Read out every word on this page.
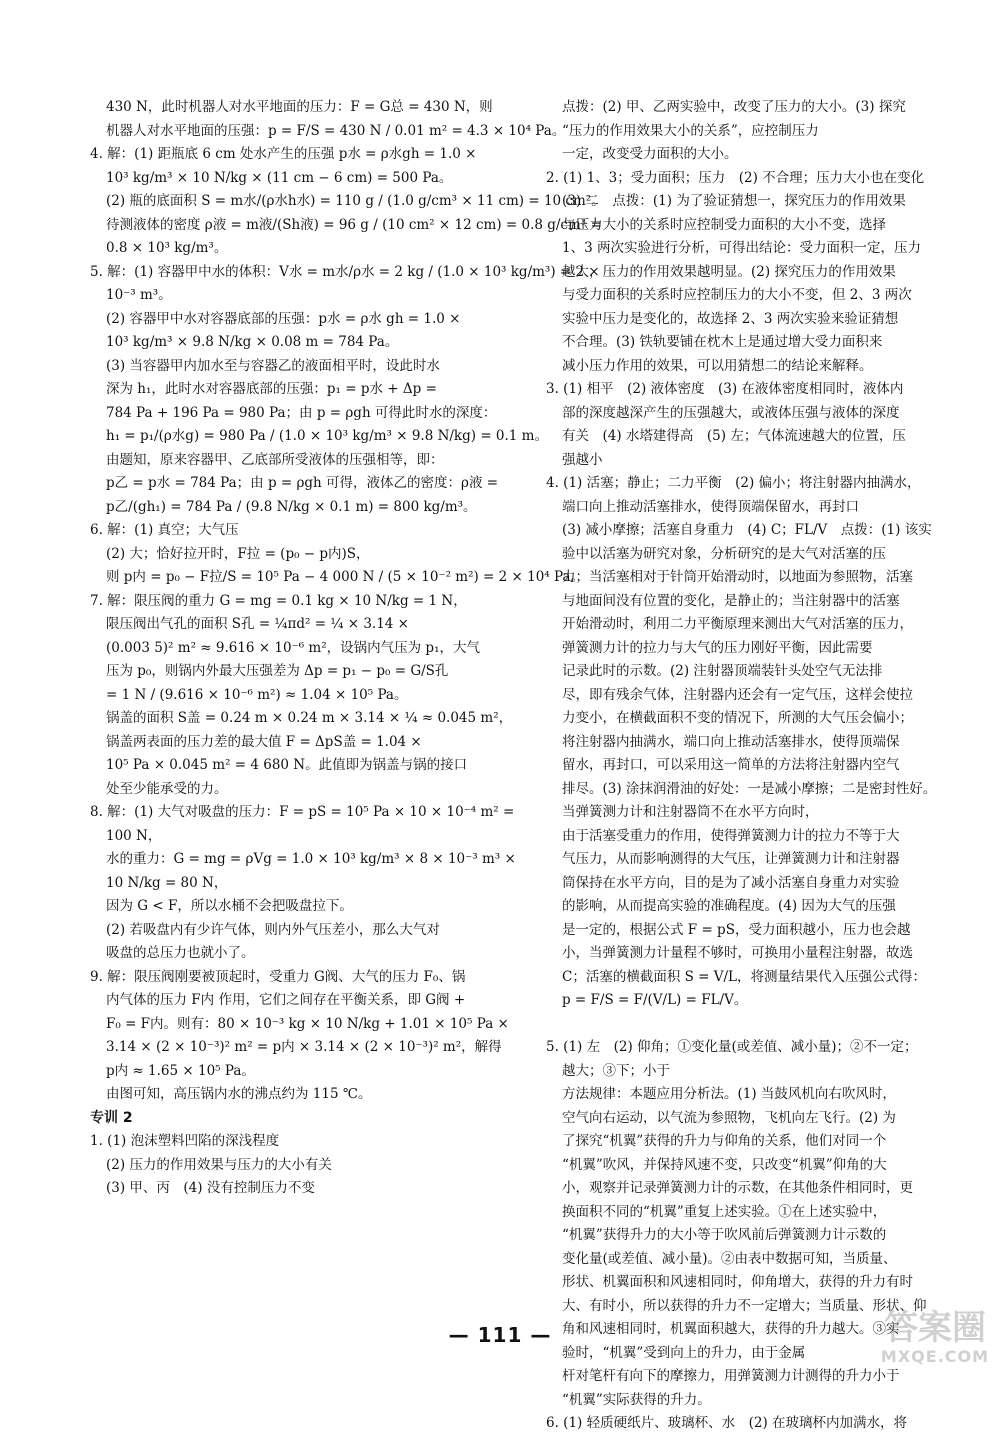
430 N，此时机器人对水平地面的压力：F = G总 = 430 N，则
机器人对水平地面的压强：p = F/S = 430 N / 0.01 m² = 4.3 × 10⁴ Pa。
4. 解：(1) 距瓶底 6 cm 处水产生的压强 p水 = ρ水gh = 1.0 ×
10³ kg/m³ × 10 N/kg × (11 cm − 6 cm) = 500 Pa。
(2) 瓶的底面积 S = m水/(ρ水h水) = 110 g / (1.0 g/cm³ × 11 cm) = 10 cm²。
待测液体的密度 ρ液 = m液/(Sh液) = 96 g / (10 cm² × 12 cm) = 0.8 g/cm³ =
0.8 × 10³ kg/m³。
5. 解：(1) 容器甲中水的体积：V水 = m水/ρ水 = 2 kg / (1.0 × 10³ kg/m³) = 2 ×
10⁻³ m³。
(2) 容器甲中水对容器底部的压强：p水 = ρ水 gh = 1.0 ×
10³ kg/m³ × 9.8 N/kg × 0.08 m = 784 Pa。
(3) 当容器甲内加水至与容器乙的液面相平时，设此时水
深为 h₁，此时水对容器底部的压强：p₁ = p水 + Δp =
784 Pa + 196 Pa = 980 Pa；由 p = ρgh 可得此时水的深度：
h₁ = p₁/(ρ水g) = 980 Pa / (1.0 × 10³ kg/m³ × 9.8 N/kg) = 0.1 m。
由题知，原来容器甲、乙底部所受液体的压强相等，即：
p乙 = p水 = 784 Pa；由 p = ρgh 可得，液体乙的密度：ρ液 =
p乙/(gh₁) = 784 Pa / (9.8 N/kg × 0.1 m) = 800 kg/m³。
6. 解：(1) 真空；大气压
(2) 大；恰好拉开时，F拉 = (p₀ − p内)S，
则 p内 = p₀ − F拉/S = 10⁵ Pa − 4 000 N / (5 × 10⁻² m²) = 2 × 10⁴ Pa。
7. 解：限压阀的重力 G = mg = 0.1 kg × 10 N/kg = 1 N，
限压阀出气孔的面积 S孔 = ¼πd² = ¼ × 3.14 ×
(0.003 5)² m² ≈ 9.616 × 10⁻⁶ m²，设锅内气压为 p₁，大气
压为 p₀，则锅内外最大压强差为 Δp = p₁ − p₀ = G/S孔
= 1 N / (9.616 × 10⁻⁶ m²) ≈ 1.04 × 10⁵ Pa。
锅盖的面积 S盖 = 0.24 m × 0.24 m × 3.14 × ¼ ≈ 0.045 m²，
锅盖两表面的压力差的最大值 F = ΔpS盖 = 1.04 ×
10⁵ Pa × 0.045 m² = 4 680 N。此值即为锅盖与锅的接口
处至少能承受的力。
8. 解：(1) 大气对吸盘的压力：F = pS = 10⁵ Pa × 10 × 10⁻⁴ m² =
100 N，
水的重力：G = mg = ρVg = 1.0 × 10³ kg/m³ × 8 × 10⁻³ m³ ×
10 N/kg = 80 N，
因为 G < F，所以水桶不会把吸盘拉下。
(2) 若吸盘内有少许气体，则内外气压差小，那么大气对
吸盘的总压力也就小了。
9. 解：限压阀刚要被顶起时，受重力 G阀、大气的压力 F₀、锅
内气体的压力 F内 作用，它们之间存在平衡关系，即 G阀 +
F₀ = F内。则有：80 × 10⁻³ kg × 10 N/kg + 1.01 × 10⁵ Pa ×
3.14 × (2 × 10⁻³)² m² = p内 × 3.14 × (2 × 10⁻³)² m²，解得
p内 ≈ 1.65 × 10⁵ Pa。
由图可知，高压锅内水的沸点约为 115 ℃。
专训 2
1. (1) 泡沫塑料凹陷的深浅程度
(2) 压力的作用效果与压力的大小有关
(3) 甲、丙　(4) 没有控制压力不变
点拨：(2) 甲、乙两实验中，改变了压力的大小。(3) 探究
“压力的作用效果大小的关系”，应控制压力
一定，改变受力面积的大小。
2. (1) 1、3；受力面积；压力　(2) 不合理；压力大小也在变化
(3) 二　点拨：(1) 为了验证猜想一，探究压力的作用效果
与压力大小的关系时应控制受力面积的大小不变，选择
1、3 两次实验进行分析，可得出结论：受力面积一定，压力
越大，压力的作用效果越明显。(2) 探究压力的作用效果
与受力面积的关系时应控制压力的大小不变，但 2、3 两次
实验中压力是变化的，故选择 2、3 两次实验来验证猜想
不合理。(3) 铁轨要铺在枕木上是通过增大受力面积来
减小压力作用的效果，可以用猜想二的结论来解释。
3. (1) 相平　(2) 液体密度　(3) 在液体密度相同时，液体内
部的深度越深产生的压强越大，或液体压强与液体的深度
有关　(4) 水塔建得高　(5) 左；气体流速越大的位置，压
强越小
4. (1) 活塞；静止；二力平衡　(2) 偏小；将注射器内抽满水，
端口向上推动活塞排水，使得顶端保留水，再封口
(3) 减小摩擦；活塞自身重力　(4) C；FL/V　点拨：(1) 该实
验中以活塞为研究对象，分析研究的是大气对活塞的压
力；当活塞相对于针筒开始滑动时，以地面为参照物，活塞
与地面间没有位置的变化，是静止的；当注射器中的活塞
开始滑动时，利用二力平衡原理来测出大气对活塞的压力，
弹簧测力计的拉力与大气的压力刚好平衡，因此需要
记录此时的示数。(2) 注射器顶端装针头处空气无法排
尽，即有残余气体，注射器内还会有一定气压，这样会使拉
力变小，在横截面积不变的情况下，所测的大气压会偏小；
将注射器内抽满水，端口向上推动活塞排水，使得顶端保
留水，再封口，可以采用这一简单的方法将注射器内空气
排尽。(3) 涂抹润滑油的好处：一是减小摩擦；二是密封性好。
当弹簧测力计和注射器筒不在水平方向时，
由于活塞受重力的作用，使得弹簧测力计的拉力不等于大
气压力，从而影响测得的大气压，让弹簧测力计和注射器
筒保持在水平方向，目的是为了减小活塞自身重力对实验
的影响，从而提高实验的准确程度。(4) 因为大气的压强
是一定的，根据公式 F = pS，受力面积越小，压力也会越
小，当弹簧测力计量程不够时，可换用小量程注射器，故选
C；活塞的横截面积 S = V/L，将测量结果代入压强公式得：
p = F/S = F/(V/L) = FL/V。
5. (1) 左　(2) 仰角；①变化量(或差值、减小量)；②不一定；
越大；③下；小于
方法规律：本题应用分析法。(1) 当鼓风机向右吹风时，
空气向右运动，以气流为参照物，飞机向左飞行。(2) 为
了探究“机翼”获得的升力与仰角的关系，他们对同一个
“机翼”吹风，并保持风速不变，只改变“机翼”仰角的大
小，观察并记录弹簧测力计的示数，在其他条件相同时，更
换面积不同的“机翼”重复上述实验。①在上述实验中，
“机翼”获得升力的大小等于吹风前后弹簧测力计示数的
变化量(或差值、减小量)。②由表中数据可知，当质量、
形状、机翼面积和风速相同时，仰角增大，获得的升力有时
大、有时小，所以获得的升力不一定增大；当质量、形状、仰
角和风速相同时，机翼面积越大，获得的升力越大。③实
验时，“机翼”受到向上的升力，由于金属
杆对笔杆有向下的摩擦力，用弹簧测力计测得的升力小于
“机翼”实际获得的升力。
6. (1) 轻质硬纸片、玻璃杯、水　(2) 在玻璃杯内加满水，将
— 111 —	答案圈
MXQE.COM
